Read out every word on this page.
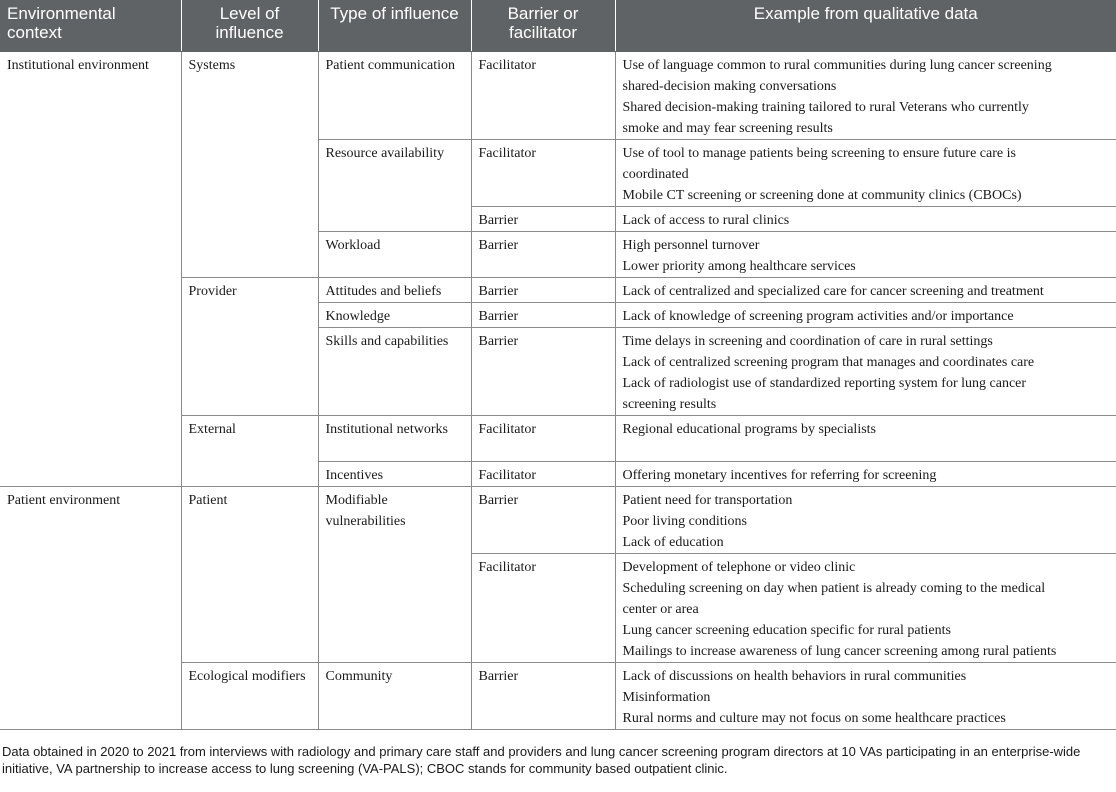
Environmental context	Level of influence	Type of influence	Barrier or facilitator	Example from qualitative data
Institutional environment	Systems	Patient communication	Facilitator	Use of language common to rural communities during lung cancer screening
shared-decision making conversations
Shared decision-making training tailored to rural Veterans who currently
smoke and may fear screening results

		Resource availability	Facilitator	Use of tool to manage patients being screening to ensure future care is
coordinated
Mobile CT screening or screening done at community clinics (CBOCs)

			Barrier	Lack of access to rural clinics

		Workload	Barrier	High personnel turnover
Lower priority among healthcare services

	Provider	Attitudes and beliefs	Barrier	Lack of centralized and specialized care for cancer screening and treatment

		Knowledge	Barrier	Lack of knowledge of screening program activities and/or importance

		Skills and capabilities	Barrier	Time delays in screening and coordination of care in rural settings
Lack of centralized screening program that manages and coordinates care
Lack of radiologist use of standardized reporting system for lung cancer
screening results

	External	Institutional networks	Facilitator	Regional educational programs by specialists

		Incentives	Facilitator	Offering monetary incentives for referring for screening

Patient environment	Patient	Modifiable vulnerabilities	Barrier	Patient need for transportation
Poor living conditions
Lack of education

			Facilitator	Development of telephone or video clinic
Scheduling screening on day when patient is already coming to the medical
center or area
Lung cancer screening education specific for rural patients
Mailings to increase awareness of lung cancer screening among rural patients

	Ecological modifiers	Community	Barrier	Lack of discussions on health behaviors in rural communities
Misinformation
Rural norms and culture may not focus on some healthcare practices
Data obtained in 2020 to 2021 from interviews with radiology and primary care staff and providers and lung cancer screening program directors at 10 VAs participating in an enterprise-wide initiative, VA partnership to increase access to lung screening (VA-PALS); CBOC stands for community based outpatient clinic.
